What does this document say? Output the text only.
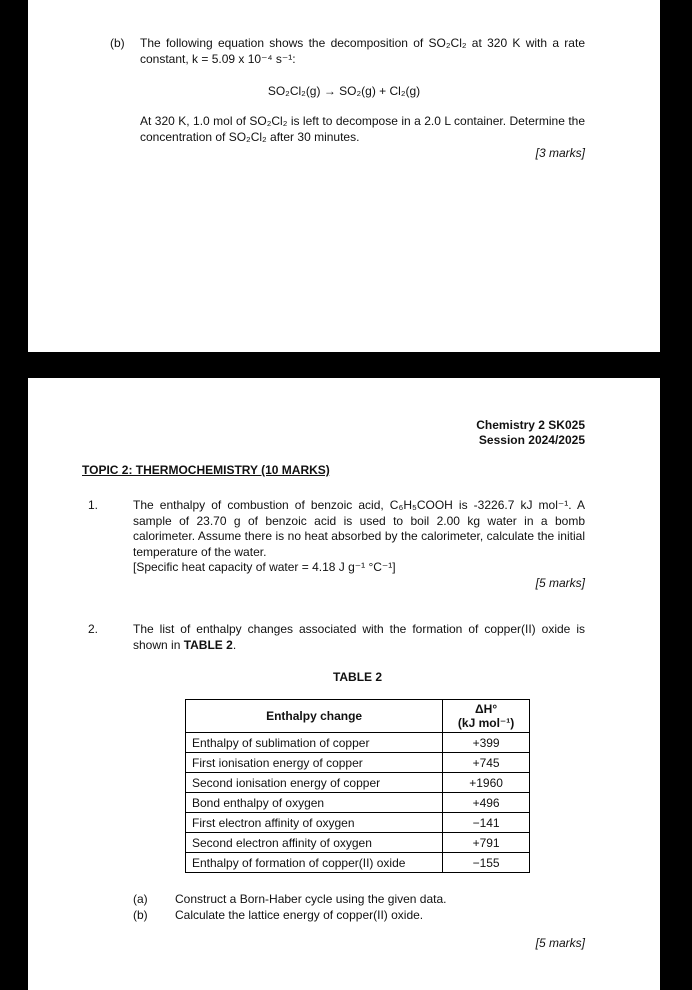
(b)	The following equation shows the decomposition of SO₂Cl₂ at 320 K with a rate constant, k = 5.09 x 10⁻⁴ s⁻¹:
SO₂Cl₂(g) → SO₂(g) + Cl₂(g)
At 320 K, 1.0 mol of SO₂Cl₂ is left to decompose in a 2.0 L container. Determine the concentration of SO₂Cl₂ after 30 minutes.
[3 marks]
Chemistry 2 SK025
Session 2024/2025
TOPIC 2: THERMOCHEMISTRY (10 MARKS)
1.	The enthalpy of combustion of benzoic acid, C₆H₅COOH is -3226.7 kJ mol⁻¹. A sample of 23.70 g of benzoic acid is used to boil 2.00 kg water in a bomb calorimeter. Assume there is no heat absorbed by the calorimeter, calculate the initial temperature of the water.
[Specific heat capacity of water = 4.18 J g⁻¹ °C⁻¹]
[5 marks]
2.	The list of enthalpy changes associated with the formation of copper(II) oxide is shown in TABLE 2.
TABLE 2
Enthalpy change	ΔH°
(kJ mol⁻¹)

Enthalpy of sublimation of copper	+399
First ionisation energy of copper	+745
Second ionisation energy of copper	+1960
Bond enthalpy of oxygen	+496
First electron affinity of oxygen	−141
Second electron affinity of oxygen	+791
Enthalpy of formation of copper(II) oxide	−155
(a)	Construct a Born-Haber cycle using the given data.
(b)	Calculate the lattice energy of copper(II) oxide.
[5 marks]
